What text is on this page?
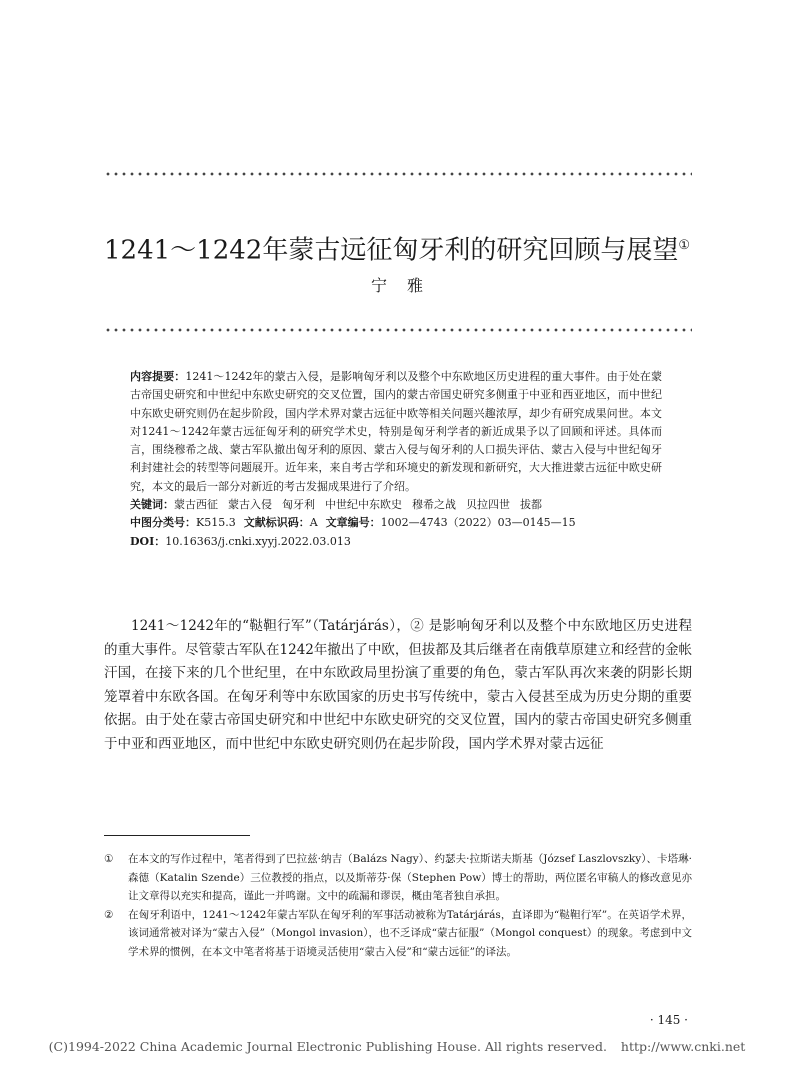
1241～1242年蒙古远征匈牙利的研究回顾与展望①
宁雅

内容提要：1241～1242年的蒙古入侵，是影响匈牙利以及整个中东欧地区历史进程的重大事件。由于处在蒙古帝国史研究和中世纪中东欧史研究的交叉位置，国内的蒙古帝国史研究多侧重于中亚和西亚地区，而中世纪中东欧史研究则仍在起步阶段，国内学术界对蒙古远征中欧等相关问题兴趣浓厚，却少有研究成果问世。本文对1241～1242年蒙古远征匈牙利的研究学术史，特别是匈牙利学者的新近成果予以了回顾和评述。具体而言，围绕穆希之战、蒙古军队撤出匈牙利的原因、蒙古入侵与匈牙利的人口损失评估、蒙古入侵与中世纪匈牙利封建社会的转型等问题展开。近年来，来自考古学和环境史的新发现和新研究，大大推进蒙古远征中欧史研究，本文的最后一部分对新近的考古发掘成果进行了介绍。

关键词：蒙古西征 蒙古入侵 匈牙利 中世纪中东欧史 穆希之战 贝拉四世 拔都

中图分类号：K515.3 文献标识码：A 文章编号：1002—4743（2022）03—0145—15

DOI：10.16363/j.cnki.xyyj.2022.03.013

1241～1242年的“鞑靼行军”（Tatárjárás），② 是影响匈牙利以及整个中东欧地区历史进程的重大事件。尽管蒙古军队在1242年撤出了中欧，但拔都及其后继者在南俄草原建立和经营的金帐汗国，在接下来的几个世纪里，在中东欧政局里扮演了重要的角色，蒙古军队再次来袭的阴影长期笼罩着中东欧各国。在匈牙利等中东欧国家的历史书写传统中，蒙古入侵甚至成为历史分期的重要依据。由于处在蒙古帝国史研究和中世纪中东欧史研究的交叉位置，国内的蒙古帝国史研究多侧重于中亚和西亚地区，而中世纪中东欧史研究则仍在起步阶段，国内学术界对蒙古远征

①	在本文的写作过程中，笔者得到了巴拉兹·纳吉（Balázs Nagy）、约瑟夫·拉斯诺夫斯基（József Laszlovszky）、卡塔琳·森德（Katalin Szende）三位教授的指点，以及斯蒂芬·保（Stephen Pow）博士的帮助，两位匿名审稿人的修改意见亦让文章得以充实和提高，谨此一并鸣谢。文中的疏漏和谬误，概由笔者独自承担。
②	在匈牙利语中，1241～1242年蒙古军队在匈牙利的军事活动被称为Tatárjárás，直译即为“鞑靼行军”。在英语学术界，该词通常被对译为“蒙古入侵”（Mongol invasion），也不乏译成“蒙古征服”（Mongol conquest）的现象。考虑到中文学术界的惯例，在本文中笔者将基于语境灵活使用“蒙古入侵”和“蒙古远征”的译法。
· 145 ·
(C)1994-2022 China Academic Journal Electronic Publishing House. All rights reserved. http://www.cnki.net
